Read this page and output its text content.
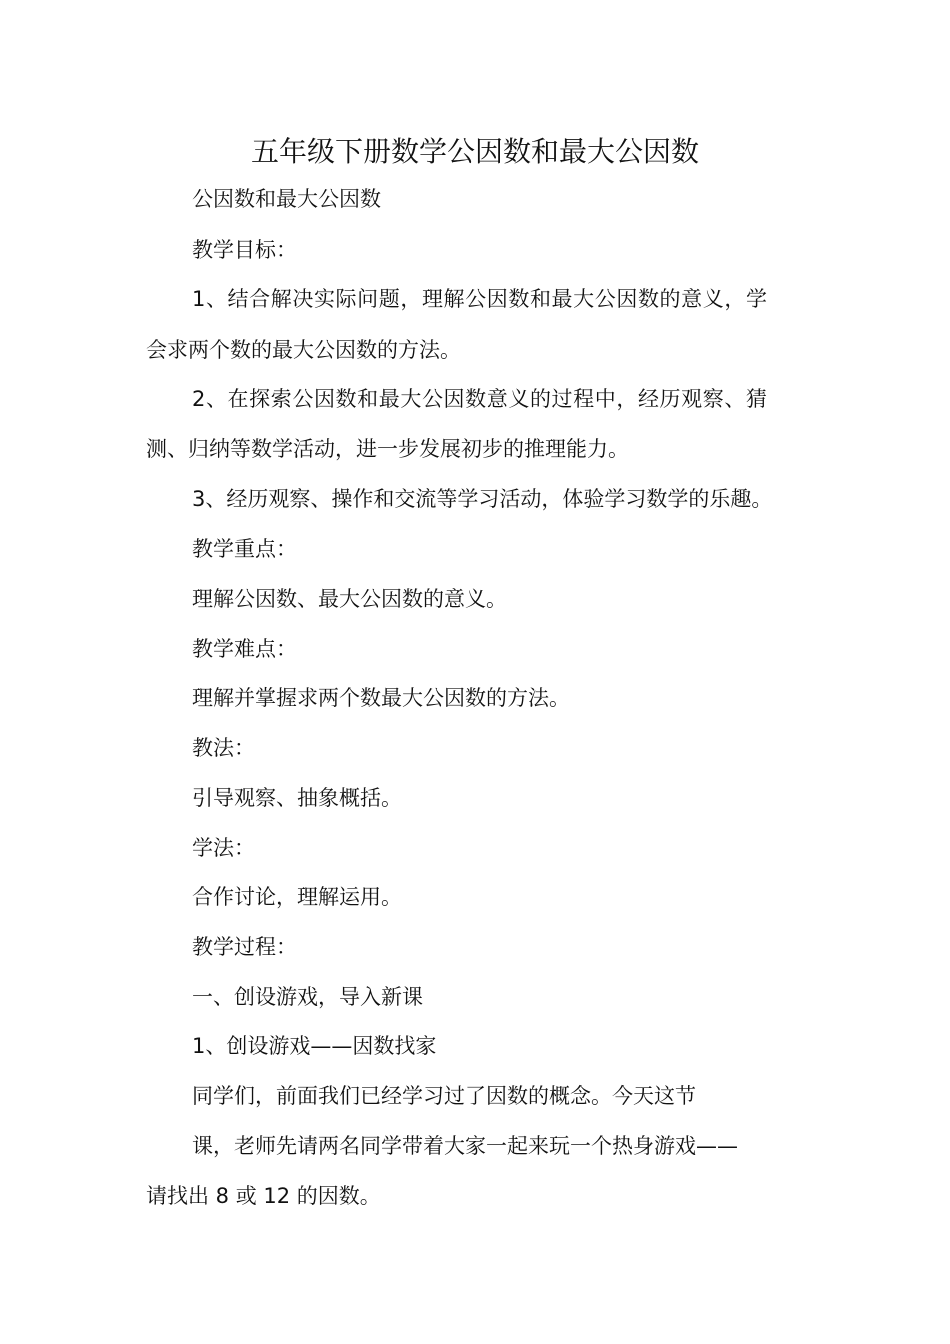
五年级下册数学公因数和最大公因数
公因数和最大公因数
教学目标：
1、结合解决实际问题，理解公因数和最大公因数的意义，学
会求两个数的最大公因数的方法。
2、在探索公因数和最大公因数意义的过程中，经历观察、猜
测、归纳等数学活动，进一步发展初步的推理能力。
3、经历观察、操作和交流等学习活动，体验学习数学的乐趣。
教学重点：
理解公因数、最大公因数的意义。
教学难点：
理解并掌握求两个数最大公因数的方法。
教法：
引导观察、抽象概括。
学法：
合作讨论，理解运用。
教学过程：
一、创设游戏，导入新课
1、创设游戏——因数找家
同学们，前面我们已经学习过了因数的概念。今天这节
课，老师先请两名同学带着大家一起来玩一个热身游戏——
请找出 8 或 12 的因数。
